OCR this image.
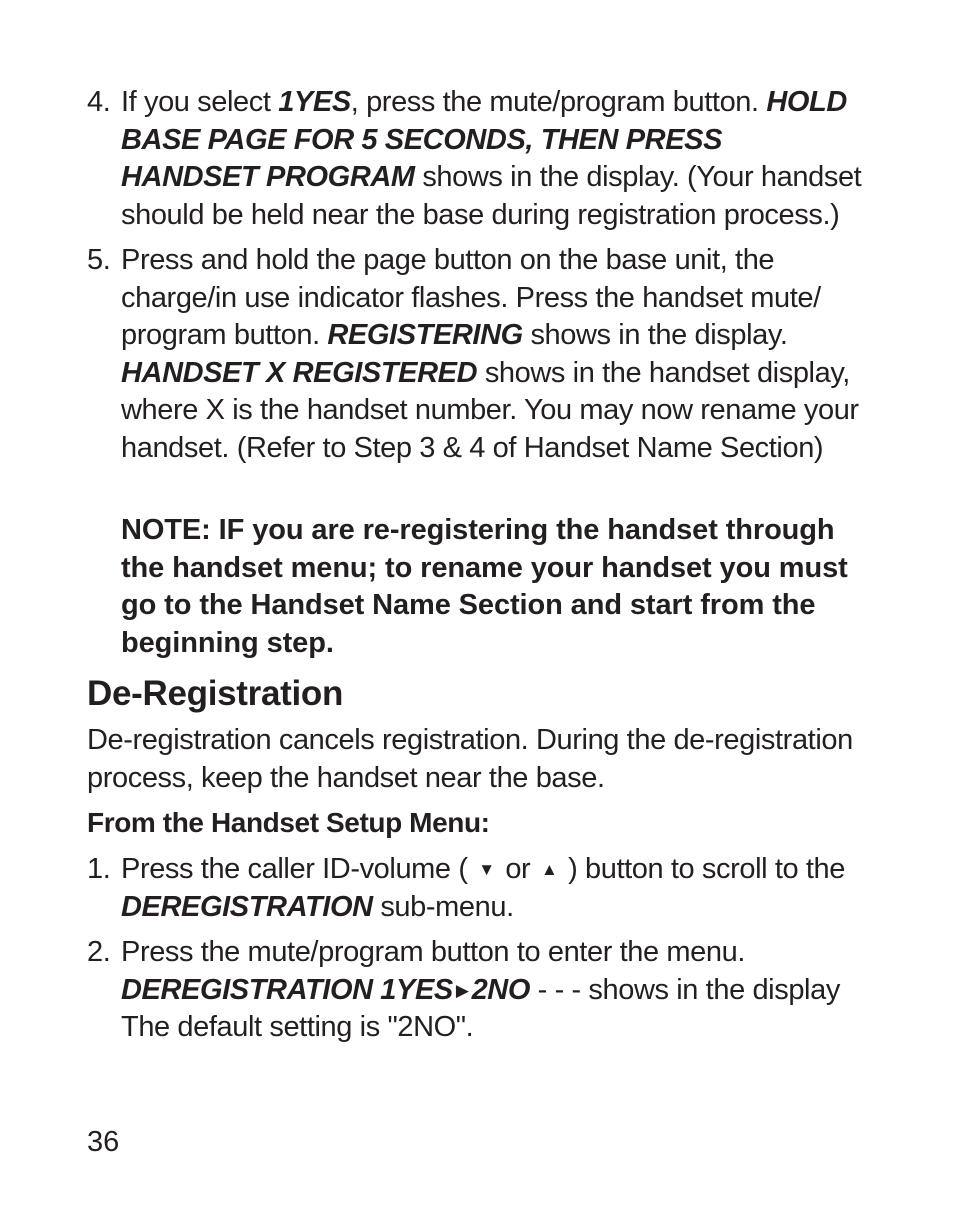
4. If you select 1YES, press the mute/program button. HOLD BASE PAGE FOR 5 SECONDS, THEN PRESS HANDSET PROGRAM shows in the display. (Your handset should be held near the base during registration process.)
5. Press and hold the page button on the base unit, the charge/in use indicator flashes. Press the handset mute/ program button. REGISTERING shows in the display. HANDSET X REGISTERED shows in the handset display, where X is the handset number. You may now rename your handset. (Refer to Step 3 & 4 of Handset Name Section)
NOTE: IF you are re-registering the handset through the handset menu; to rename your handset you must go to the Handset Name Section and start from the beginning step.
De-Registration
De-registration cancels registration. During the de-registration process, keep the handset near the base.
From the Handset Setup Menu:
1. Press the caller ID-volume ( ▼ or ▲ ) button to scroll to the DEREGISTRATION sub-menu.
2. Press the mute/program button to enter the menu. DEREGISTRATION 1YES ▶ 2NO - - - shows in the display The default setting is "2NO".
36
